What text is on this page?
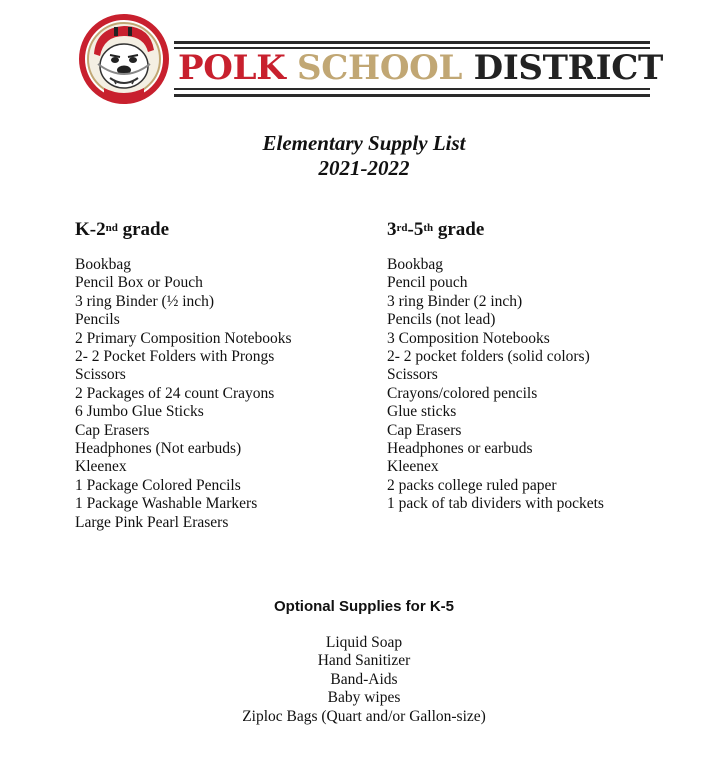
POLK SCHOOL DISTRICT
Elementary Supply List
2021-2022
K-2nd grade
Bookbag
Pencil Box or Pouch
3 ring Binder (½ inch)
Pencils
2 Primary Composition Notebooks
2- 2 Pocket Folders with Prongs
Scissors
2 Packages of 24 count Crayons
6 Jumbo Glue Sticks
Cap Erasers
Headphones (Not earbuds)
Kleenex
1 Package Colored Pencils
1 Package Washable Markers
Large Pink Pearl Erasers
3rd-5th grade
Bookbag
Pencil pouch
3 ring Binder (2 inch)
Pencils (not lead)
3 Composition Notebooks
2- 2 pocket folders (solid colors)
Scissors
Crayons/colored pencils
Glue sticks
Cap Erasers
Headphones or earbuds
Kleenex
2 packs college ruled paper
1 pack of tab dividers with pockets
Optional Supplies for K-5
Liquid Soap
Hand Sanitizer
Band-Aids
Baby wipes
Ziploc Bags (Quart and/or Gallon-size)
